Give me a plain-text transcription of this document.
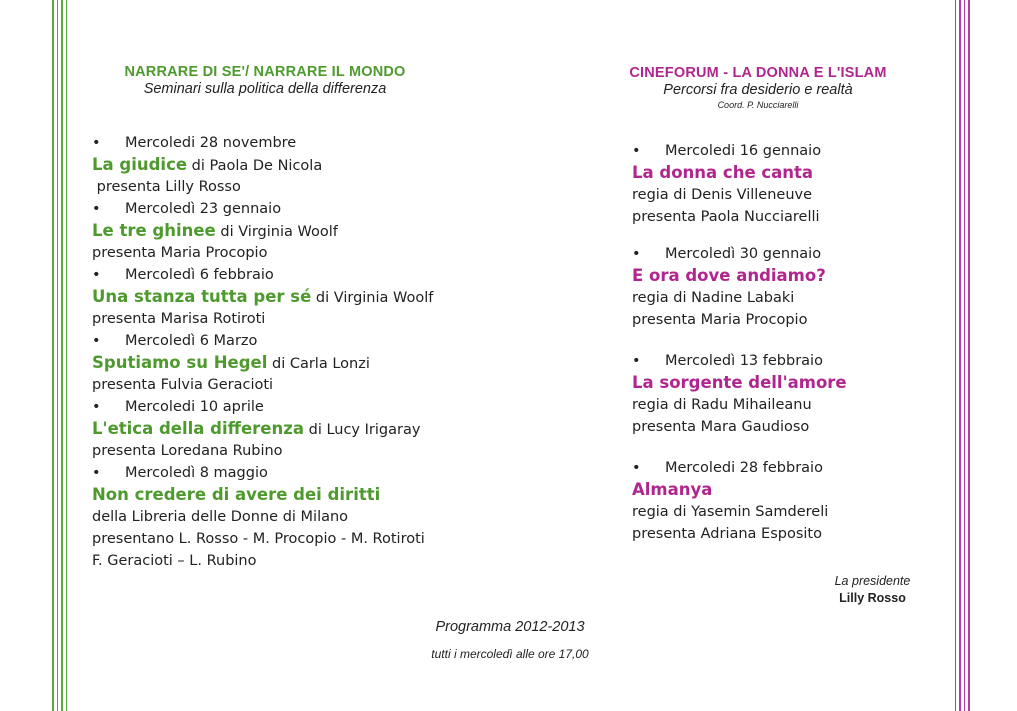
NARRARE DI SE'/ NARRARE IL MONDO
Seminari sulla politica della differenza
CINEFORUM - LA DONNA E L'ISLAM
Percorsi fra desiderio e realtà
Coord. P. Nucciarelli
• Mercoledi 28 novembre
La giudice di Paola De Nicola
presenta Lilly Rosso
• Mercoledì 23 gennaio
Le tre ghinee di Virginia Woolf
presenta Maria Procopio
• Mercoledì 6 febbraio
Una stanza tutta per sé di Virginia Woolf
presenta Marisa Rotiroti
• Mercoledì 6 Marzo
Sputiamo su Hegel di Carla Lonzi
presenta Fulvia Geracioti
• Mercoledi 10 aprile
L'etica della differenza di Lucy Irigaray
presenta Loredana Rubino
• Mercoledì 8 maggio
Non credere di avere dei diritti
della Libreria delle Donne di Milano
presentano L. Rosso - M. Procopio - M. Rotiroti
F. Geracioti – L. Rubino
• Mercoledi 16 gennaio
La donna che canta
regia di Denis Villeneuve
presenta Paola Nucciarelli
• Mercoledì 30 gennaio
E ora dove andiamo?
regia di Nadine Labaki
presenta Maria Procopio
• Mercoledì 13 febbraio
La sorgente dell'amore
regia di Radu Mihaileanu
presenta Mara Gaudioso
• Mercoledi 28 febbraio
Almanya
regia di Yasemin Samdereli
presenta Adriana Esposito
La presidente
Lilly Rosso
Programma 2012-2013
tutti i mercoledì alle ore 17,00
